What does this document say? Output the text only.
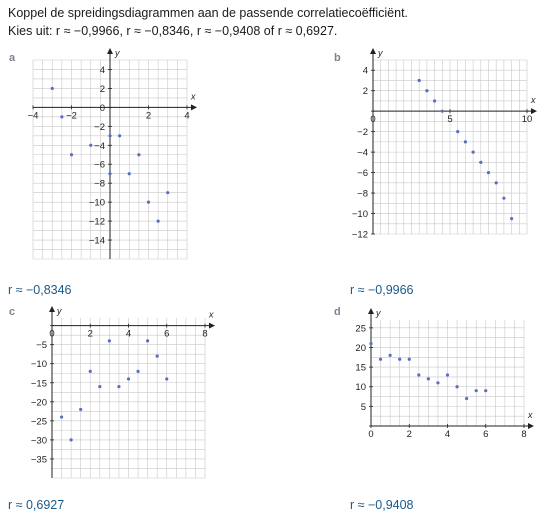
Koppel de spreidingsdiagrammen aan de passende correlatiecoëfficiënt.
Kies uit: r ≈ −0,9966, r ≈ −0,8346, r ≈ −0,9408 of r ≈ 0,6927.
a	b
c	d
x
y
−4	−2	2	4
4
2
0
−2
−4
−6
−8
−10
−12
−14
x
y
0	5	10
4
2
−2
−4
−6
−8
−10
−12
x
y
0	2	4	6	8
−5
−10
−15
−20
−25
−30
−35
x
y
0	2	4	6	8
5
10
15
20
25
r ≈ −0,8346	r ≈ −0,9966
r ≈ 0,6927	r ≈ −0,9408
